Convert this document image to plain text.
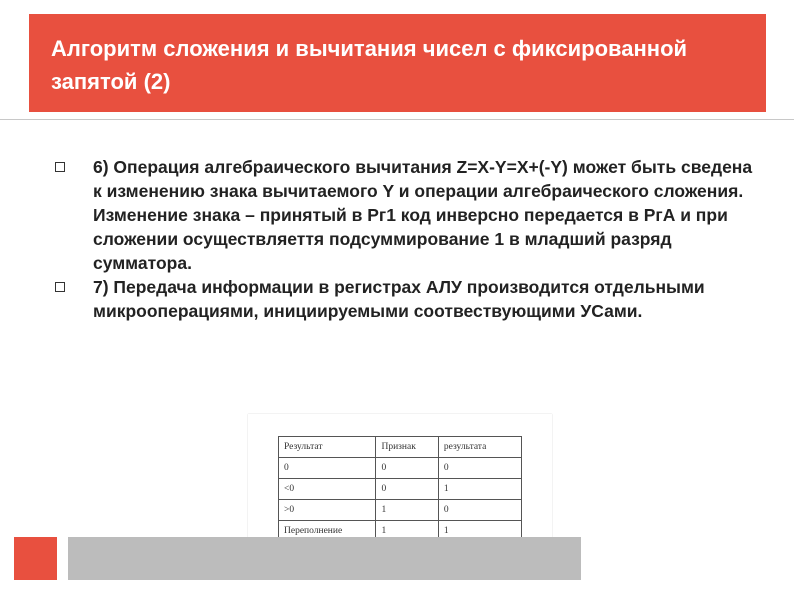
Алгоритм сложения и вычитания чисел с фиксированной запятой (2)
6) Операция алгебраического вычитания Z=X-Y=X+(-Y) может быть сведена к изменению знака вычитаемого Y и операции алгебраического сложения. Изменение знака – принятый в Рг1 код инверсно передается в РгА и при сложении осуществляеття подсуммирование 1 в младший разряд сумматора.
7) Передача информации в регистрах АЛУ производится отдельными микрооперациями, инициируемыми соотвествующими УСами.
Результат	Признак	результата
0	0	0
<0	0	1
>0	1	0
Переполнение	1	1
